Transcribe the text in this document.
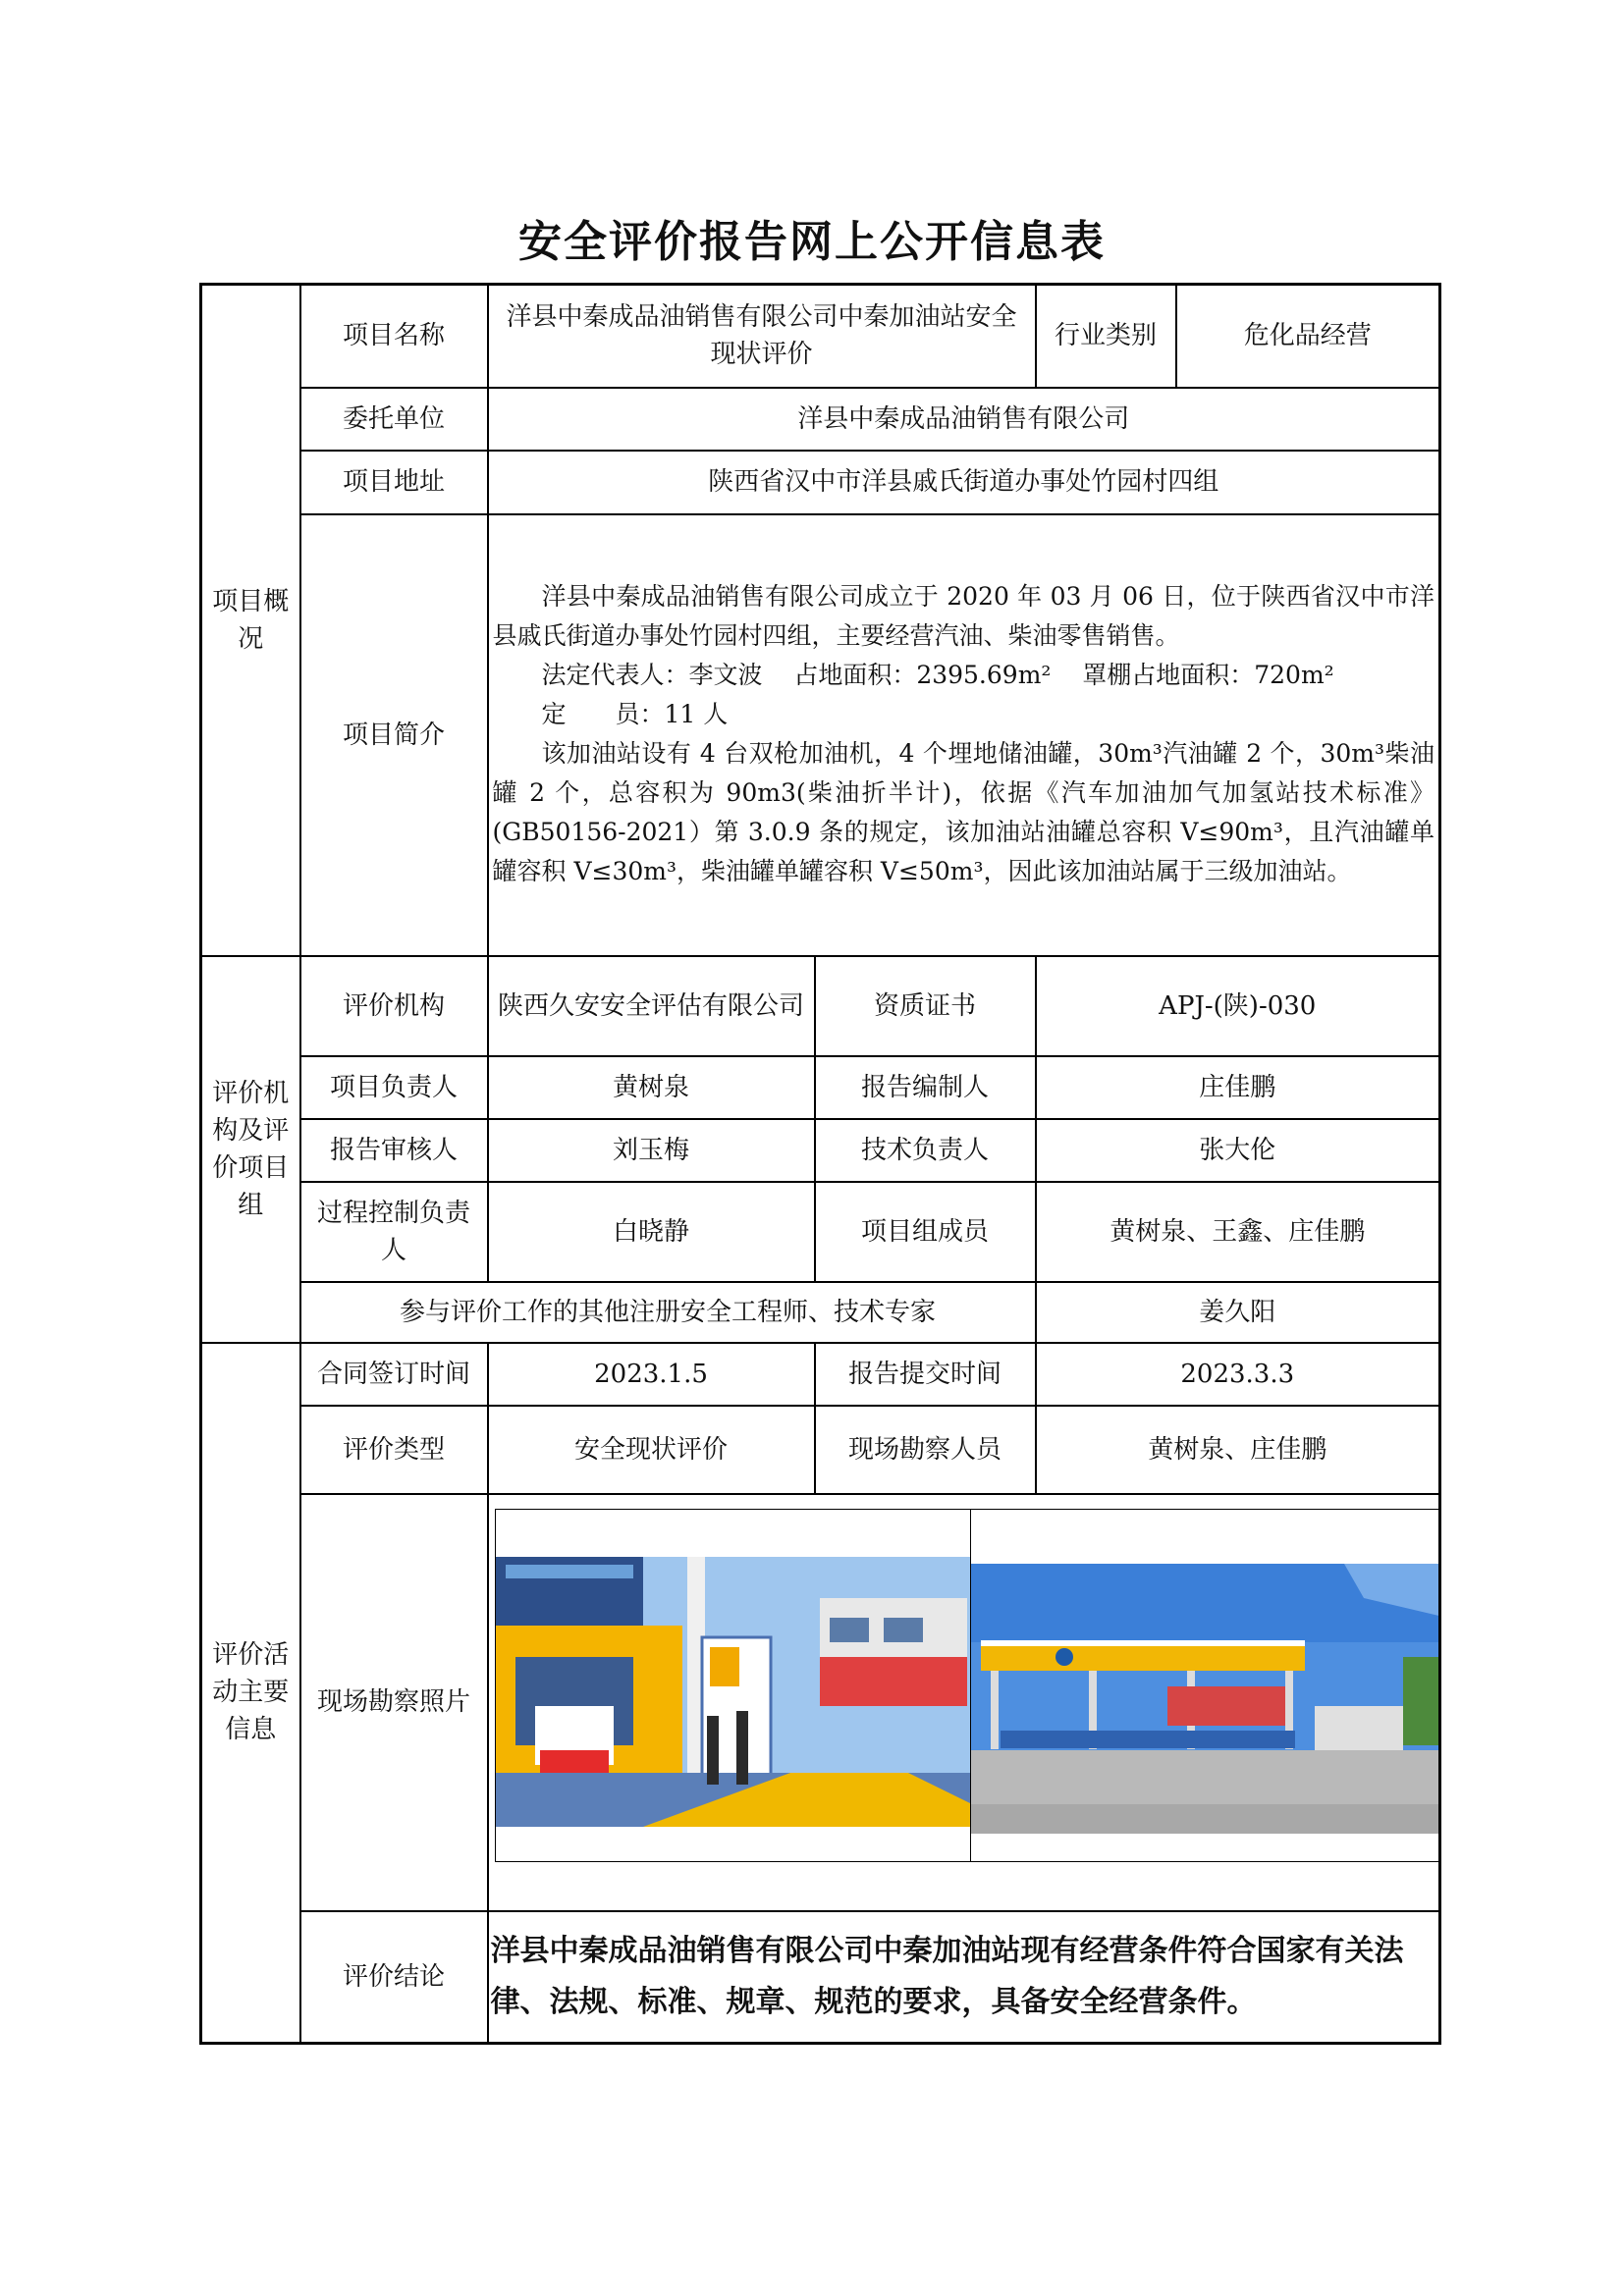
安全评价报告网上公开信息表
项目概况	项目名称	洋县中秦成品油销售有限公司中秦加油站安全现状评价		行业类别	危化品经营
	委托单位	洋县中秦成品油销售有限公司			
	项目地址	陕西省汉中市洋县戚氏街道办事处竹园村四组			
	项目简介	洋县中秦成品油销售有限公司成立于 2020 年 03 月 06 日，位于陕西省汉中市洋县戚氏街道办事处竹园村四组，主要经营汽油、柴油零售销售。

法定代表人：李文波 占地面积：2395.69m² 罩棚占地面积：720m²

定　　员：11 人

该加油站设有 4 台双枪加油机，4 个埋地储油罐，30m³汽油罐 2 个，30m³柴油罐 2 个，总容积为 90m3(柴油折半计)，依据《汽车加油加气加氢站技术标准》(GB50156-2021）第 3.0.9 条的规定，该加油站油罐总容积 V≤90m³，且汽油罐单罐容积 V≤30m³，柴油罐单罐容积 V≤50m³，因此该加油站属于三级加油站。			

评价机构及评价项目组	评价机构	陕西久安安全评估有限公司	资质证书	APJ-(陕)-030	
	项目负责人	黄树泉	报告编制人	庄佳鹏	
	报告审核人	刘玉梅	技术负责人	张大伦	
	过程控制负责人	白晓静	项目组成员	黄树泉、王鑫、庄佳鹏	
	参与评价工作的其他注册安全工程师、技术专家			姜久阳	
评价活动主要信息	合同签订时间	2023.1.5	报告提交时间	2023.3.3	
	评价类型	安全现状评价	现场勘察人员	黄树泉、庄佳鹏	
	现场勘察照片	

	评价结论	洋县中秦成品油销售有限公司中秦加油站现有经营条件符合国家有关法律、法规、标准、规章、规范的要求，具备安全经营条件。			
